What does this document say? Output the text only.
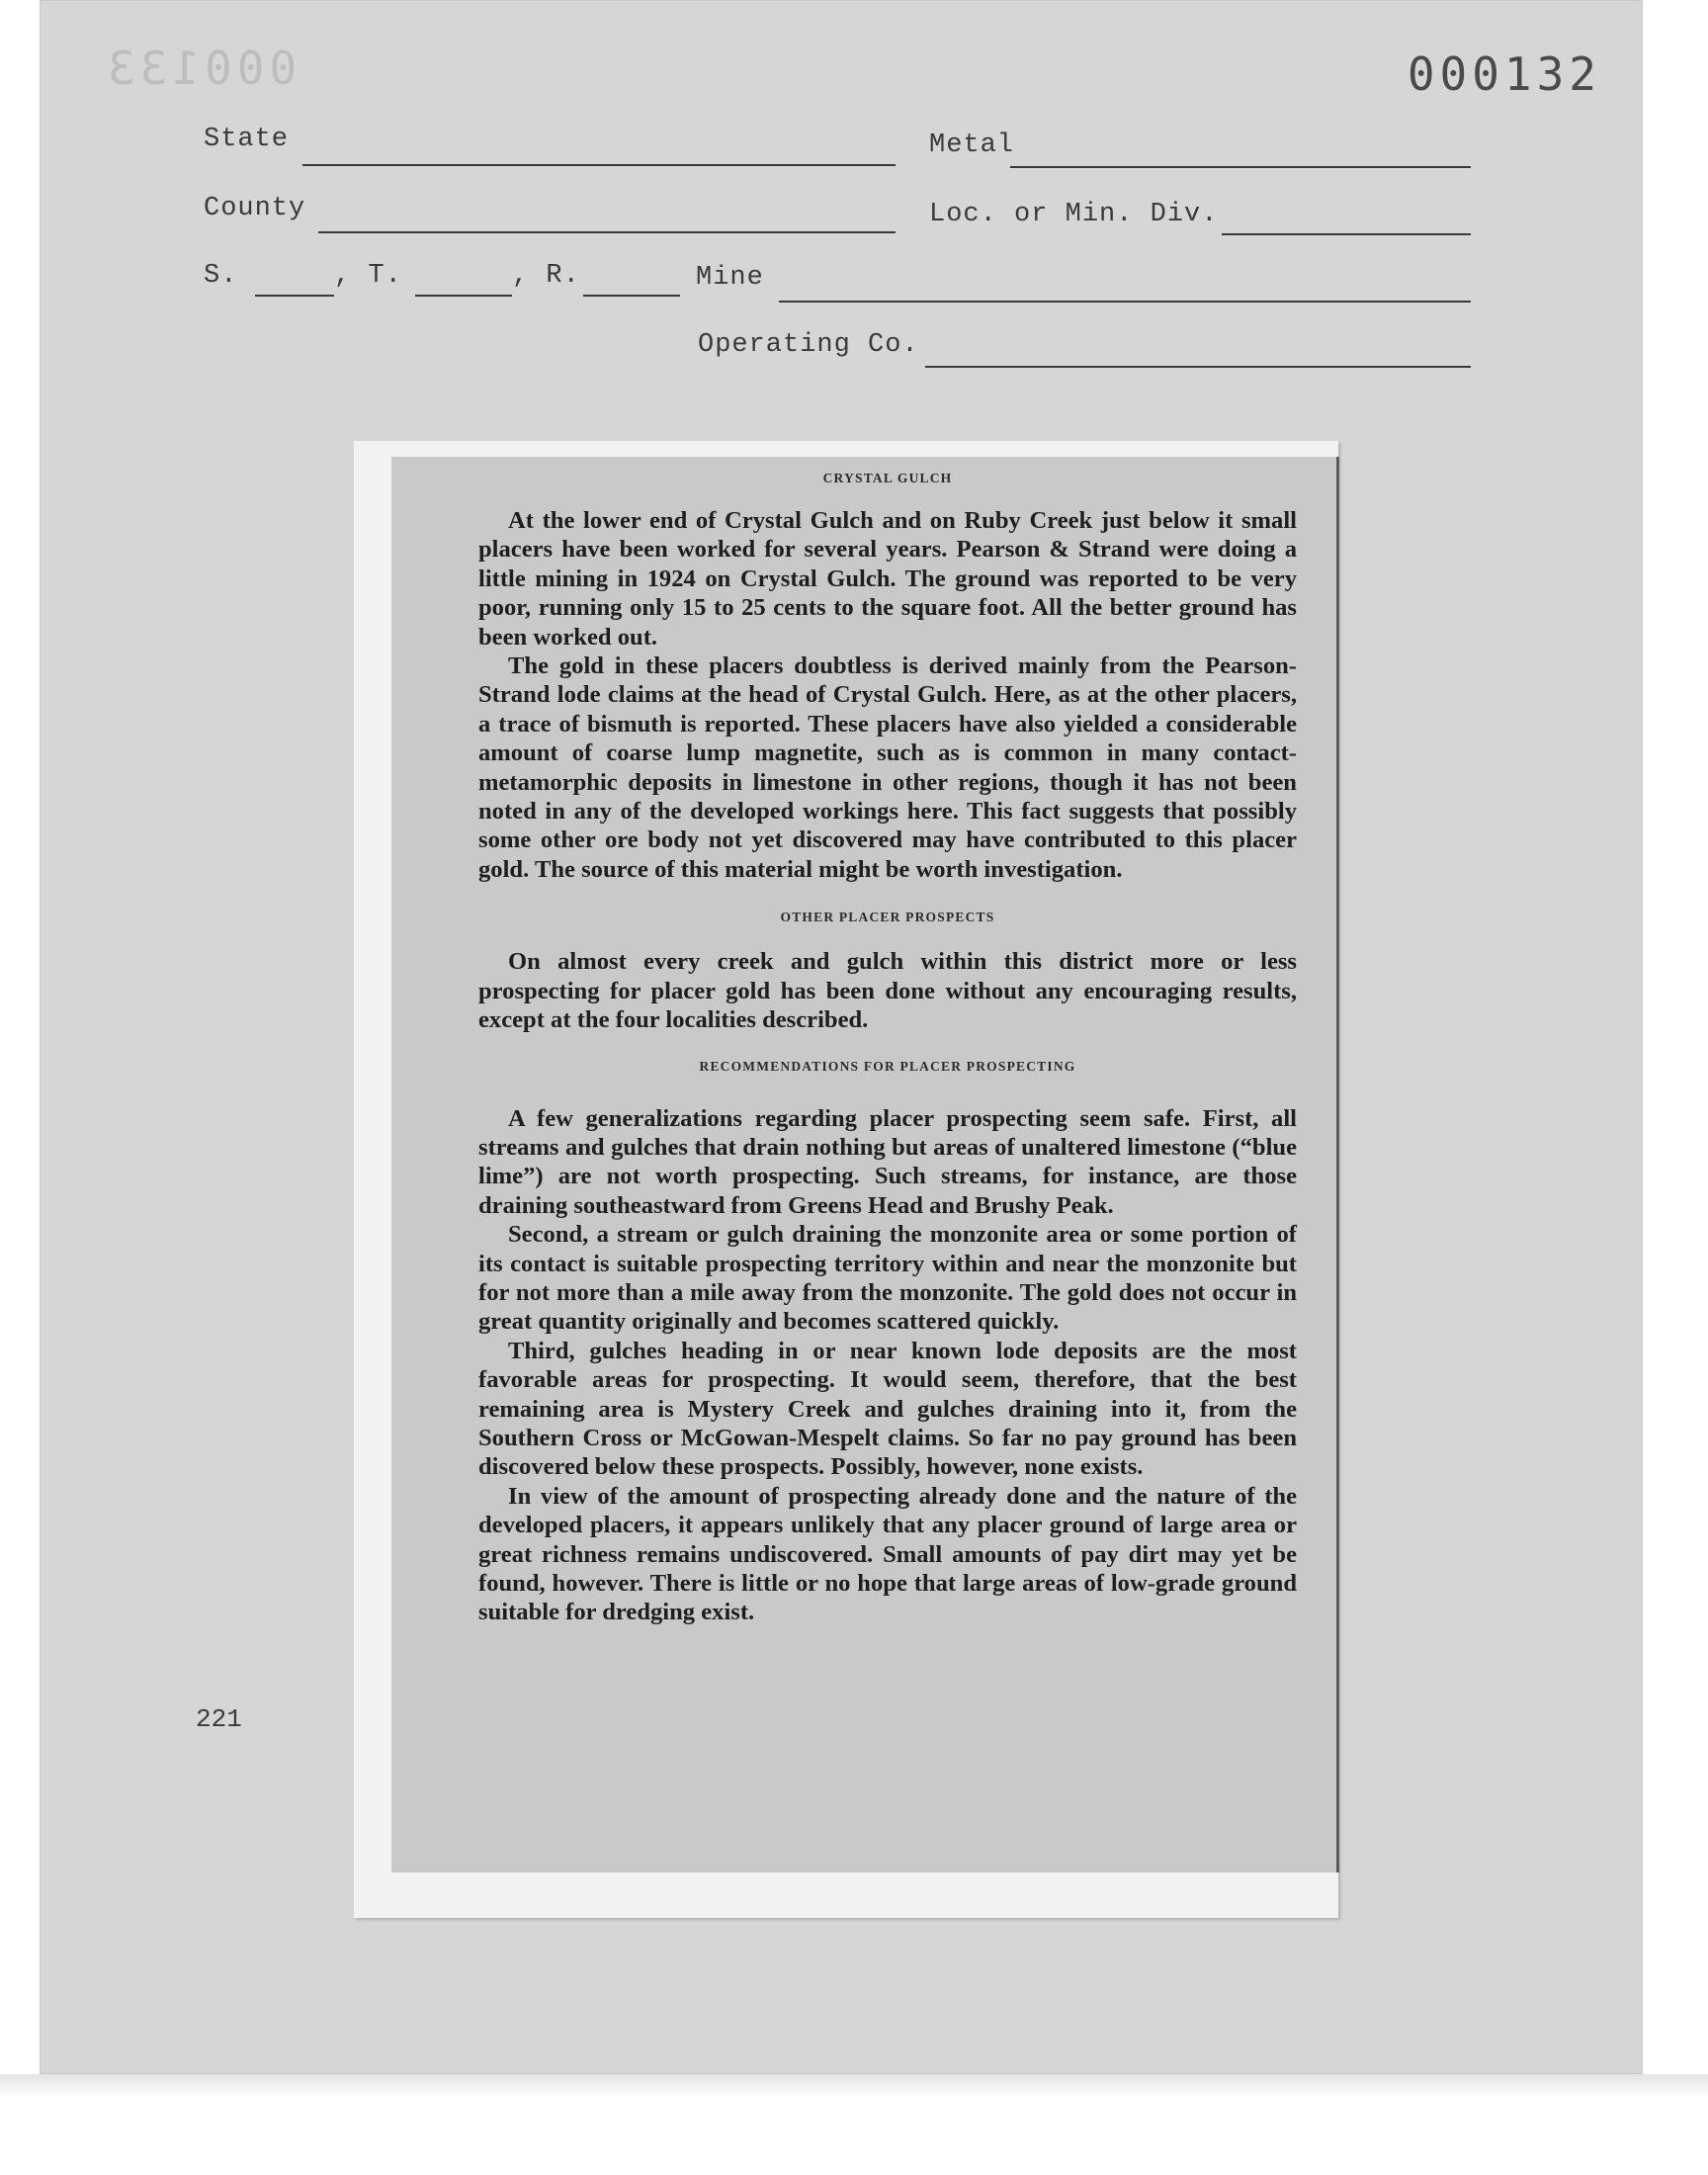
000133	000132
State	Metal
County	Loc. or Min. Div.
S.	, T.	, R.	Mine
Operating Co.
221
CRYSTAL GULCH

At the lower end of Crystal Gulch and on Ruby Creek just below it small placers have been worked for several years. Pearson & Strand were doing a little mining in 1924 on Crystal Gulch. The ground was reported to be very poor, running only 15 to 25 cents to the square foot. All the better ground has been worked out.

The gold in these placers doubtless is derived mainly from the Pearson-Strand lode claims at the head of Crystal Gulch. Here, as at the other placers, a trace of bismuth is reported. These placers have also yielded a considerable amount of coarse lump magnetite, such as is common in many contact-metamorphic deposits in limestone in other regions, though it has not been noted in any of the developed workings here. This fact suggests that possibly some other ore body not yet discovered may have contributed to this placer gold. The source of this material might be worth investigation.

OTHER PLACER PROSPECTS

On almost every creek and gulch within this district more or less prospecting for placer gold has been done without any encouraging results, except at the four localities described.

RECOMMENDATIONS FOR PLACER PROSPECTING

A few generalizations regarding placer prospecting seem safe. First, all streams and gulches that drain nothing but areas of unaltered limestone (“blue lime”) are not worth prospecting. Such streams, for instance, are those draining southeastward from Greens Head and Brushy Peak.

Second, a stream or gulch draining the monzonite area or some portion of its contact is suitable prospecting territory within and near the monzonite but for not more than a mile away from the monzonite. The gold does not occur in great quantity originally and becomes scattered quickly.

Third, gulches heading in or near known lode deposits are the most favorable areas for prospecting. It would seem, therefore, that the best remaining area is Mystery Creek and gulches draining into it, from the Southern Cross or McGowan-Mespelt claims. So far no pay ground has been discovered below these prospects. Possibly, however, none exists.

In view of the amount of prospecting already done and the nature of the developed placers, it appears unlikely that any placer ground of large area or great richness remains undiscovered. Small amounts of pay dirt may yet be found, however. There is little or no hope that large areas of low-grade ground suitable for dredging exist.
